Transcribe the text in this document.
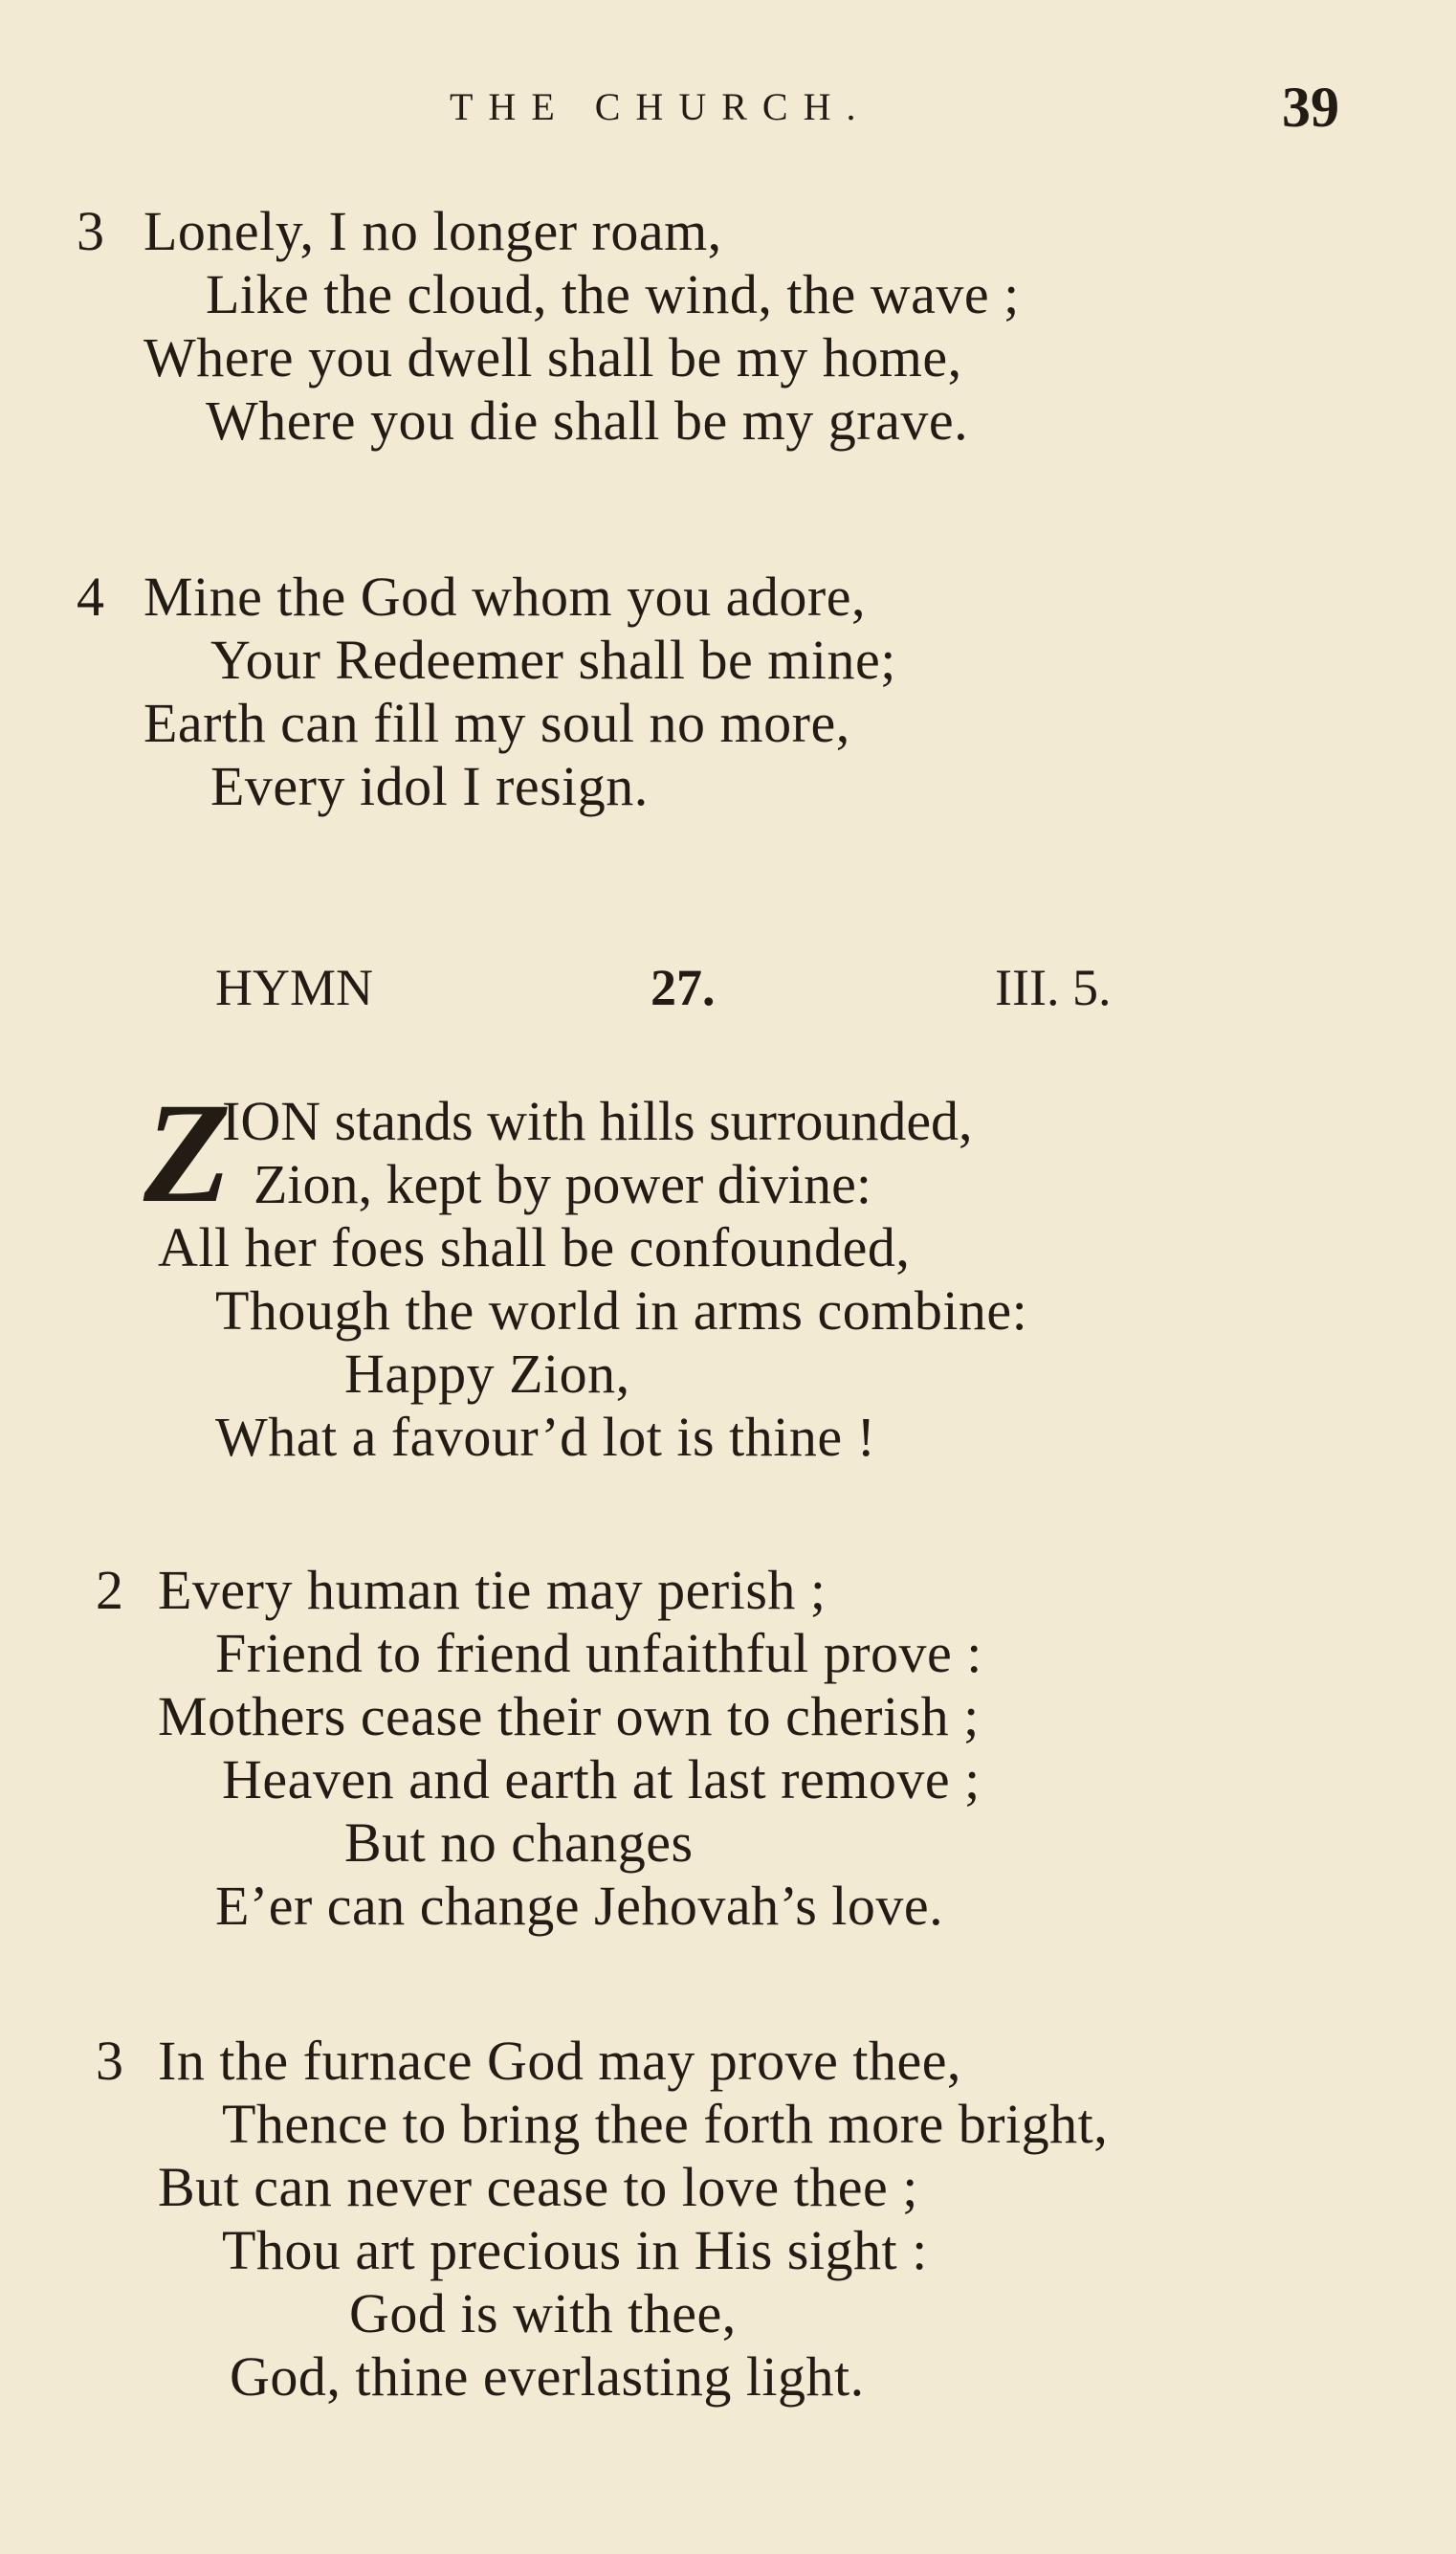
THE CHURCH.	39
3 Lonely, I no longer roam,
Like the cloud, the wind, the wave ;
Where you dwell shall be my home,
Where you die shall be my grave.
4 Mine the God whom you adore,
Your Redeemer shall be mine;
Earth can fill my soul no more,
Every idol I resign.
HYMN	27.	III. 5.
Z
ION stands with hills surrounded,
Zion, kept by power divine:
All her foes shall be confounded,
Though the world in arms combine:
Happy Zion,
What a favour’d lot is thine !
2 Every human tie may perish ;
Friend to friend unfaithful prove :
Mothers cease their own to cherish ;
Heaven and earth at last remove ;
But no changes
E’er can change Jehovah’s love.
3 In the furnace God may prove thee,
Thence to bring thee forth more bright,
But can never cease to love thee ;
Thou art precious in His sight :
God is with thee,
God, thine everlasting light.
